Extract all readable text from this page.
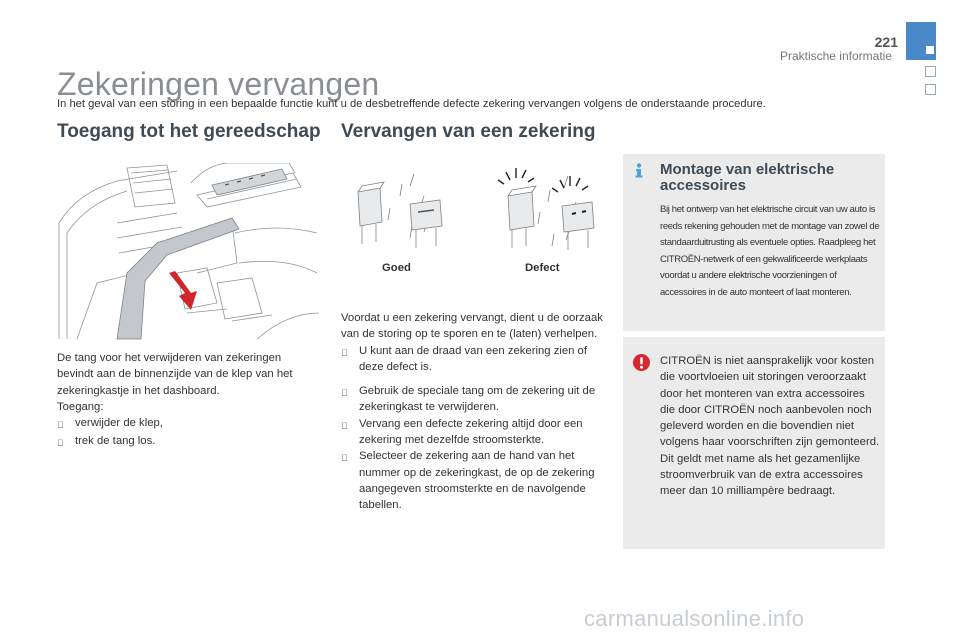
221
Praktische informatie
Zekeringen vervangen
In het geval van een storing in een bepaalde functie kunt u de desbetreffende defecte zekering vervangen volgens de onderstaande procedure.
Toegang tot het gereedschap

De tang voor het verwijderen van zekeringen bevindt aan de binnenzijde van de klep van het zekeringkastje in het dashboard.

Toegang:

verwijder de klep,
trek de tang los.
Vervangen van een zekering
Goed	Defect

Voordat u een zekering vervangt, dient u de oorzaak van de storing op te sporen en te (laten) verhelpen.

U kunt aan de draad van een zekering zien of deze defect is.
Gebruik de speciale tang om de zekering uit de zekeringkast te verwijderen.
Vervang een defecte zekering altijd door een zekering met dezelfde stroomsterkte.
Selecteer de zekering aan de hand van het nummer op de zekeringkast, de op de zekering aangegeven stroomsterkte en de navolgende tabellen.
Montage van elektrische accessoires
Bij het ontwerp van het elektrische circuit van uw auto is reeds rekening gehouden met de montage van zowel de standaarduitrusting als eventuele opties. Raadpleeg het CITROËN-netwerk of een gekwalificeerde werkplaats voordat u andere elektrische voorzieningen of accessoires in de auto monteert of laat monteren.
CITROËN is niet aansprakelijk voor kosten die voortvloeien uit storingen veroorzaakt door het monteren van extra accessoires die door CITROËN noch aanbevolen noch geleverd worden en die bovendien niet volgens haar voorschriften zijn gemonteerd. Dit geldt met name als het gezamenlijke stroomverbruik van de extra accessoires meer dan 10 milliampère bedraagt.
carmanualsonline.info
